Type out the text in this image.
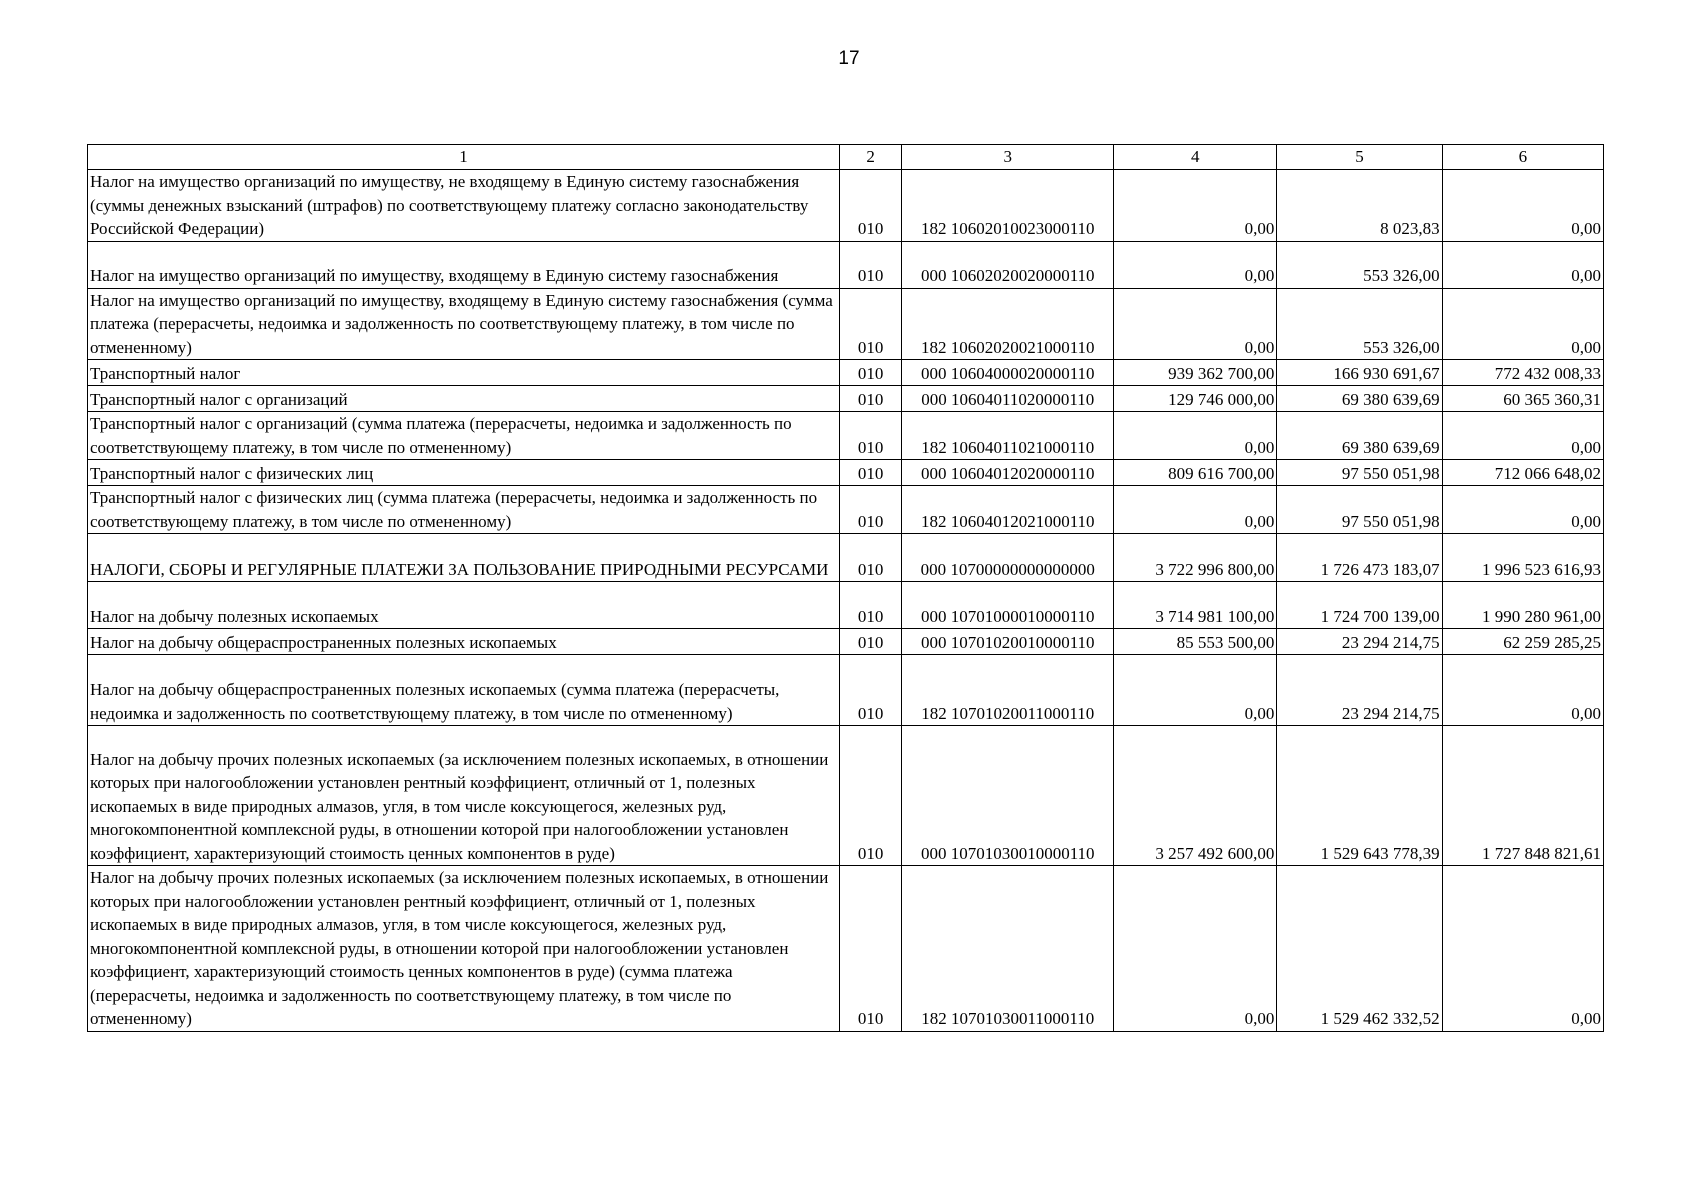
17
1	2	3	4	5	6
Налог на имущество организаций по имуществу, не входящему в Единую систему газоснабжения (суммы денежных взысканий (штрафов) по соответствующему платежу согласно законодательству Российской Федерации)	010	182 10602010023000110	0,00	8 023,83	0,00
Налог на имущество организаций по имуществу, входящему в Единую систему газоснабжения	010	000 10602020020000110	0,00	553 326,00	0,00
Налог на имущество организаций по имуществу, входящему в Единую систему газоснабжения (сумма платежа (перерасчеты, недоимка и задолженность по соответствующему платежу, в том числе по отмененному)	010	182 10602020021000110	0,00	553 326,00	0,00
Транспортный налог	010	000 10604000020000110	939 362 700,00	166 930 691,67	772 432 008,33
Транспортный налог с организаций	010	000 10604011020000110	129 746 000,00	69 380 639,69	60 365 360,31
Транспортный налог с организаций (сумма платежа (перерасчеты, недоимка и задолженность по соответствующему платежу, в том числе по отмененному)	010	182 10604011021000110	0,00	69 380 639,69	0,00
Транспортный налог с физических лиц	010	000 10604012020000110	809 616 700,00	97 550 051,98	712 066 648,02
Транспортный налог с физических лиц (сумма платежа (перерасчеты, недоимка и задолженность по соответствующему платежу, в том числе по отмененному)	010	182 10604012021000110	0,00	97 550 051,98	0,00
НАЛОГИ, СБОРЫ И РЕГУЛЯРНЫЕ ПЛАТЕЖИ ЗА ПОЛЬЗОВАНИЕ ПРИРОДНЫМИ РЕСУРСАМИ	010	000 10700000000000000	3 722 996 800,00	1 726 473 183,07	1 996 523 616,93
Налог на добычу полезных ископаемых	010	000 10701000010000110	3 714 981 100,00	1 724 700 139,00	1 990 280 961,00
Налог на добычу общераспространенных полезных ископаемых	010	000 10701020010000110	85 553 500,00	23 294 214,75	62 259 285,25
Налог на добычу общераспространенных полезных ископаемых (сумма платежа (перерасчеты, недоимка и задолженность по соответствующему платежу, в том числе по отмененному)	010	182 10701020011000110	0,00	23 294 214,75	0,00
Налог на добычу прочих полезных ископаемых (за исключением полезных ископаемых, в отношении которых при налогообложении установлен рентный коэффициент, отличный от 1, полезных ископаемых в виде природных алмазов, угля, в том числе коксующегося, железных руд, многокомпонентной комплексной руды, в отношении которой при налогообложении установлен коэффициент, характеризующий стоимость ценных компонентов в руде)	010	000 10701030010000110	3 257 492 600,00	1 529 643 778,39	1 727 848 821,61
Налог на добычу прочих полезных ископаемых (за исключением полезных ископаемых, в отношении которых при налогообложении установлен рентный коэффициент, отличный от 1, полезных ископаемых в виде природных алмазов, угля, в том числе коксующегося, железных руд, многокомпонентной комплексной руды, в отношении которой при налогообложении установлен коэффициент, характеризующий стоимость ценных компонентов в руде) (сумма платежа (перерасчеты, недоимка и задолженность по соответствующему платежу, в том числе по отмененному)	010	182 10701030011000110	0,00	1 529 462 332,52	0,00
